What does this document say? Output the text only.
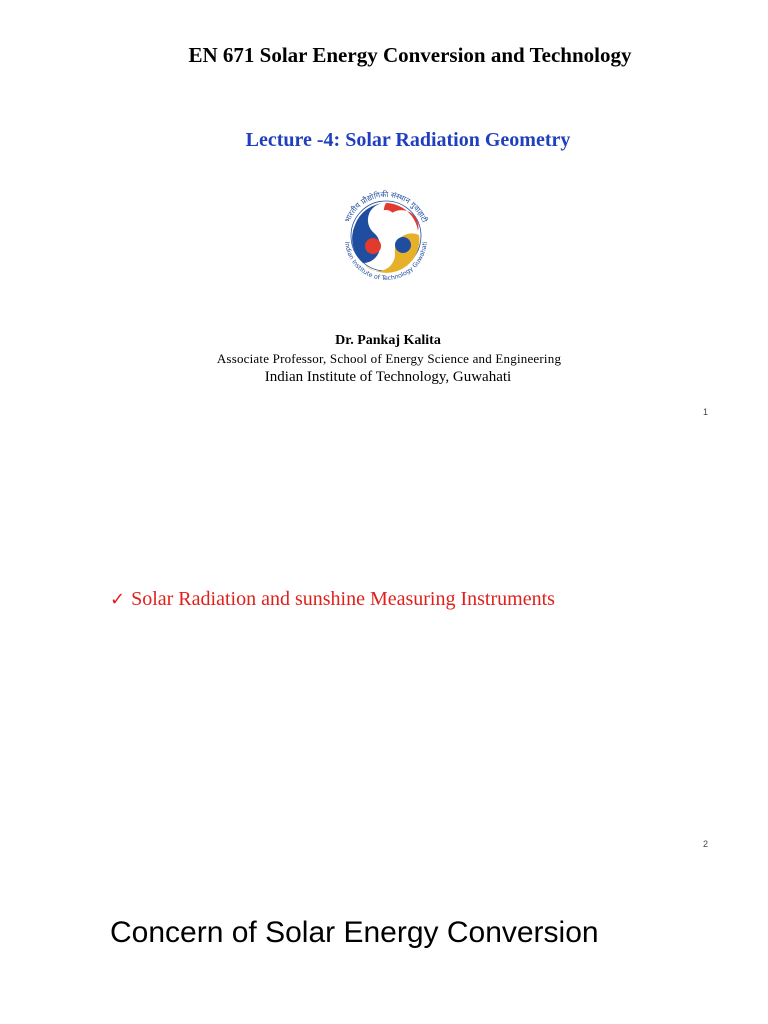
EN 671 Solar Energy Conversion and Technology
Lecture -4: Solar Radiation Geometry
भारतीय प्रौद्योगिकी संस्थान गुवाहाटी
Indian Institute of Technology Guwahati
Dr. Pankaj Kalita
Associate Professor, School of Energy Science and Engineering
Indian Institute of Technology, Guwahati
1
✓ Solar Radiation and sunshine Measuring Instruments
2
Concern of Solar Energy Conversion
